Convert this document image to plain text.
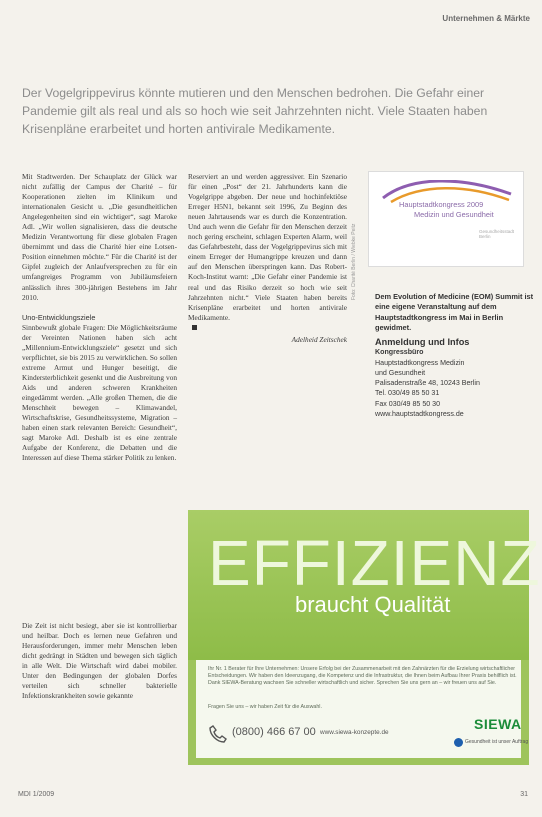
Unternehmen & Märkte
Der Vogelgrippevirus könnte mutieren und den Menschen bedrohen. Die Gefahr einer Pandemie gilt als real und als so hoch wie seit Jahrzehnten nicht. Viele Staaten haben Krisenpläne erarbeitet und horten antivirale Medikamente.

Mit Stadtwerden. Der Schauplatz der Glück war nicht zufällig der Campus der Charité – für Kooperationen zielten im Klinikum und internationalen Gesicht u. „Die gesundheitlichen Angelegenheiten sind ein wichtiger“, sagt Maroke Adl. „Wir wollen signalisieren, dass die deutsche Medizin Verantwortung für diese globalen Fragen übernimmt und dass die Charité hier eine Lotsen-Position einnehmen möchte.“ Für die Charité ist der Gipfel zugleich der Anlaufversprechen zu für ein umfangreiges Programm von Jubiläumsfeiern anlässlich ihres 300-jährigen Bestehens im Jahr 2010.

Uno-Entwicklungsziele

Sinnbewußt globale Fragen: Die Möglichkeitsräume der Vereinten Nationen haben sich acht „Millennium-Entwicklungsziele“ gesetzt und sich verpflichtet, sie bis 2015 zu verwirklichen. So sollen extreme Armut und Hunger beseitigt, die Kindersterblichkeit gesenkt und die Ausbreitung von Aids und anderen schweren Krankheiten eingedämmt werden. „Alle großen Themen, die die Menschheit bewegen – Klimawandel, Wirtschaftskrise, Gesundheitssysteme, Migration – haben einen stark relevanten Bereich: Gesundheit“, sagt Maroke Adl. Deshalb ist es eine zentrale Aufgabe der Konferenz, die Debatten und die Interessen auf diese Thema stärker Politik zu lenken.

Reserviert an und werden aggressiver. Ein Szenario für einen „Post“ der 21. Jahrhunderts kann die Vogelgrippe abgeben. Der neue und hochinfektiöse Erreger H5N1, bekannt seit 1996, Zu Beginn des neuen Jahrtausends war es durch die Konzentration. Und auch wenn die Gefahr für den Menschen derzeit noch gering erscheint, schlagen Experten Alarm, weil das Gefahrbesteht, dass der Vogelgrippevirus sich mit einem Erreger der Humangrippe kreuzen und dann auf den Menschen überspringen kann. Das Robert-Koch-Institut warnt: „Die Gefahr einer Pandemie ist real und das Risiko derzeit so hoch wie seit Jahrzehnten nicht.“ Viele Staaten haben bereits Krisenpläne erarbeitet und horten antivirale Medikamente.

Adelheid Zeitschek
Foto: Charité Berlin / Wiebke Peitz
Hauptstadtkongress 2009
Medizin und Gesundheit
Gesundheitsstadt Berlin
Dem Evolution of Medicine (EOM) Summit ist eine eigene Veranstaltung auf dem Hauptstadtkongress im Mai in Berlin gewidmet.
Anmeldung und Infos
Kongressbüro
Hauptstadtkongress Medizin
und Gesundheit
Palisadenstraße 48, 10243 Berlin
Tel. 030/49 85 50 31
Fax 030/49 85 50 30
www.hauptstadtkongress.de

Die Zeit ist nicht besiegt, aber sie ist kontrollierbar und heilbar. Doch es lernen neue Gefahren und Herausforderungen, immer mehr Menschen leben dicht gedrängt in Städten und bewegen sich täglich in alle Welt. Die Wirtschaft wird dabei mobiler. Unter den Bedingungen der globalen Dorfes verteilen sich schneller bakterielle Infektionskrankheiten sowie gekannte

EFFIZIENZ
braucht Qualität
Ihr Nr. 1 Berater für Ihre Unternehmen: Unsere Erfolg bei der Zusammenarbeit mit den Zahnärzten für die Erzielung wirtschaftlicher Entscheidungen. Wir haben den Ideenzugang, die Kompetenz und die Infrastruktur, die Ihnen beim Aufbau Ihrer Praxis behilflich ist. Dank SIEWA-Beratung wachsen Sie schneller wirtschaftlich und sicher. Sprechen Sie uns gern an – wir freuen uns auf Sie.
Fragen Sie uns – wir haben Zeit für die Auswahl.
(0800) 466 67 00 www.siewa-konzepte.de
SIEWA
Gesundheit ist unser Auftrag
MDI 1/2009	31
